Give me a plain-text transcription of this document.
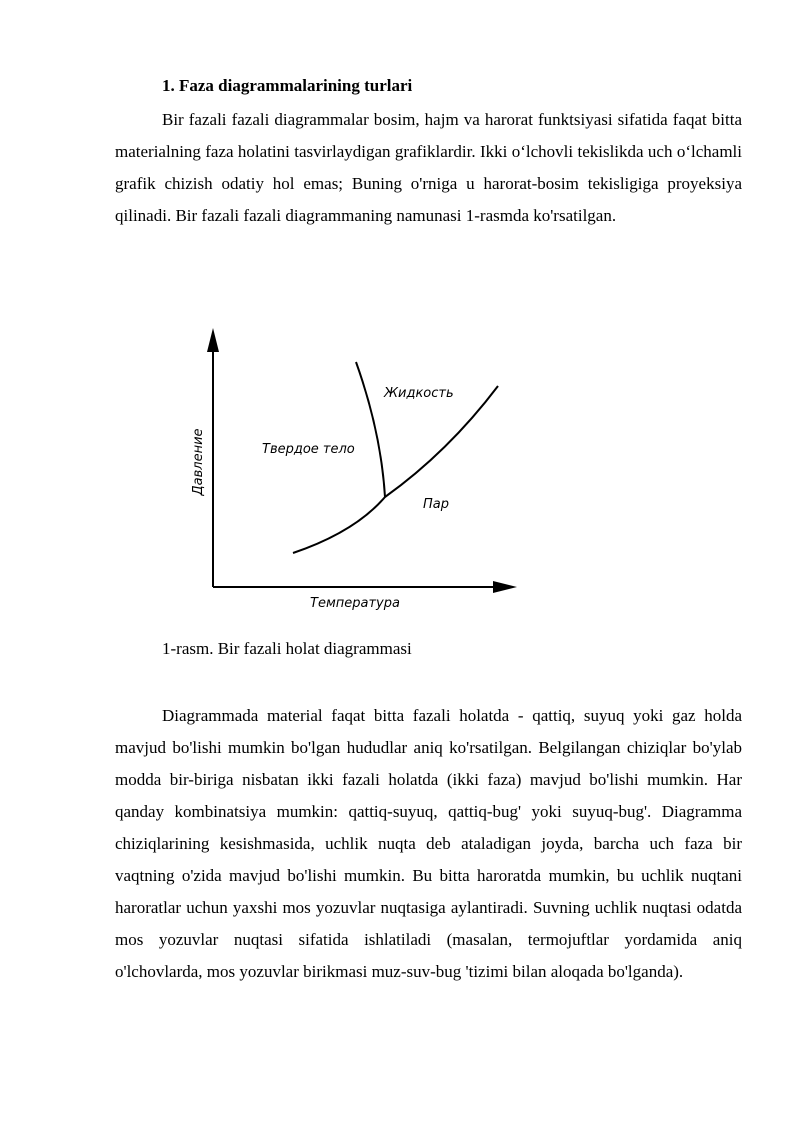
1. Faza diagrammalarining turlari

Bir fazali fazali diagrammalar bosim, hajm va harorat funktsiyasi sifatida faqat bitta materialning faza holatini tasvirlaydigan grafiklardir. Ikki oʻlchovli tekislikda uch oʻlchamli grafik chizish odatiy hol emas; Buning o'rniga u harorat-bosim tekisligiga proyeksiya qilinadi. Bir fazali fazali diagrammaning namunasi 1-rasmda ko'rsatilgan.

Давление
Температура
Жидкость
Твердое тело
Пар
1-rasm. Bir fazali holat diagrammasi

Diagrammada material faqat bitta fazali holatda - qattiq, suyuq yoki gaz holda mavjud bo'lishi mumkin bo'lgan hududlar aniq ko'rsatilgan. Belgilangan chiziqlar bo'ylab modda bir-biriga nisbatan ikki fazali holatda (ikki faza) mavjud bo'lishi mumkin. Har qanday kombinatsiya mumkin: qattiq-suyuq, qattiq-bug' yoki suyuq-bug'. Diagramma chiziqlarining kesishmasida, uchlik nuqta deb ataladigan joyda, barcha uch faza bir vaqtning o'zida mavjud bo'lishi mumkin. Bu bitta haroratda mumkin, bu uchlik nuqtani haroratlar uchun yaxshi mos yozuvlar nuqtasiga aylantiradi. Suvning uchlik nuqtasi odatda mos yozuvlar nuqtasi sifatida ishlatiladi (masalan, termojuftlar yordamida aniq o'lchovlarda, mos yozuvlar birikmasi muz-suv-bug 'tizimi bilan aloqada bo'lganda).
